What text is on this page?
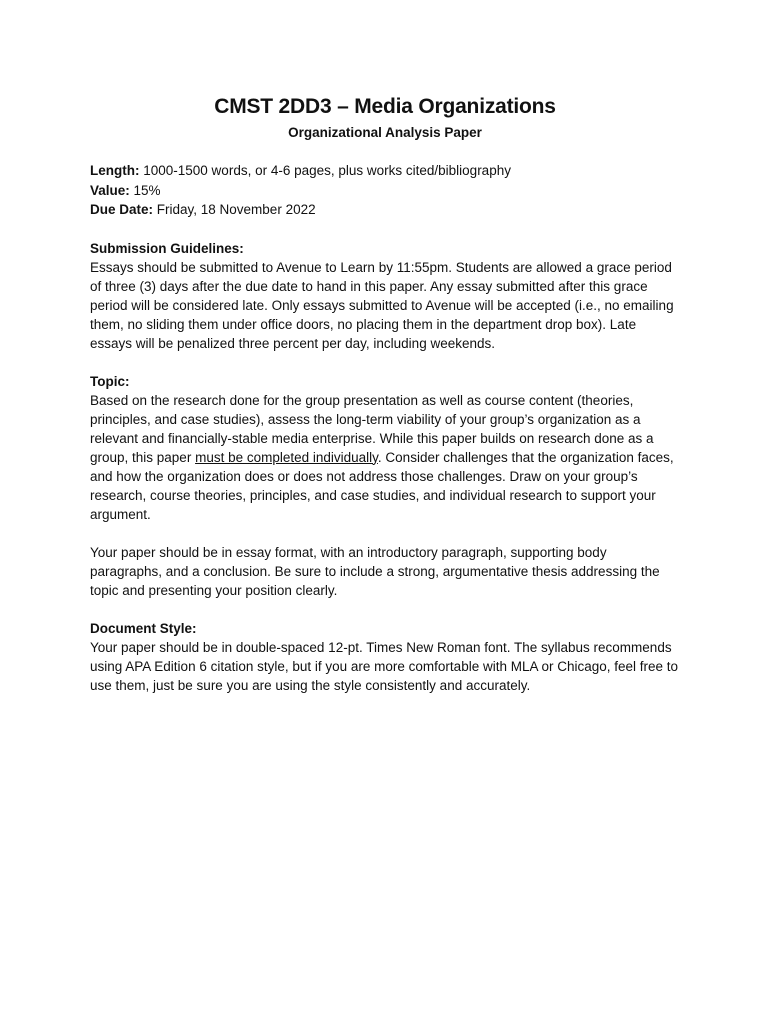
CMST 2DD3 – Media Organizations
Organizational Analysis Paper
Length: 1000-1500 words, or 4-6 pages, plus works cited/bibliography
Value: 15%
Due Date: Friday, 18 November 2022
Submission Guidelines:

Essays should be submitted to Avenue to Learn by 11:55pm. Students are allowed a grace period of three (3) days after the due date to hand in this paper. Any essay submitted after this grace period will be considered late. Only essays submitted to Avenue will be accepted (i.e., no emailing them, no sliding them under office doors, no placing them in the department drop box). Late essays will be penalized three percent per day, including weekends.

Topic:

Based on the research done for the group presentation as well as course content (theories, principles, and case studies), assess the long-term viability of your group’s organization as a relevant and financially-stable media enterprise. While this paper builds on research done as a group, this paper must be completed individually. Consider challenges that the organization faces, and how the organization does or does not address those challenges. Draw on your group’s research, course theories, principles, and case studies, and individual research to support your argument.

Your paper should be in essay format, with an introductory paragraph, supporting body paragraphs, and a conclusion. Be sure to include a strong, argumentative thesis addressing the topic and presenting your position clearly.

Document Style:

Your paper should be in double-spaced 12-pt. Times New Roman font. The syllabus recommends using APA Edition 6 citation style, but if you are more comfortable with MLA or Chicago, feel free to use them, just be sure you are using the style consistently and accurately.
